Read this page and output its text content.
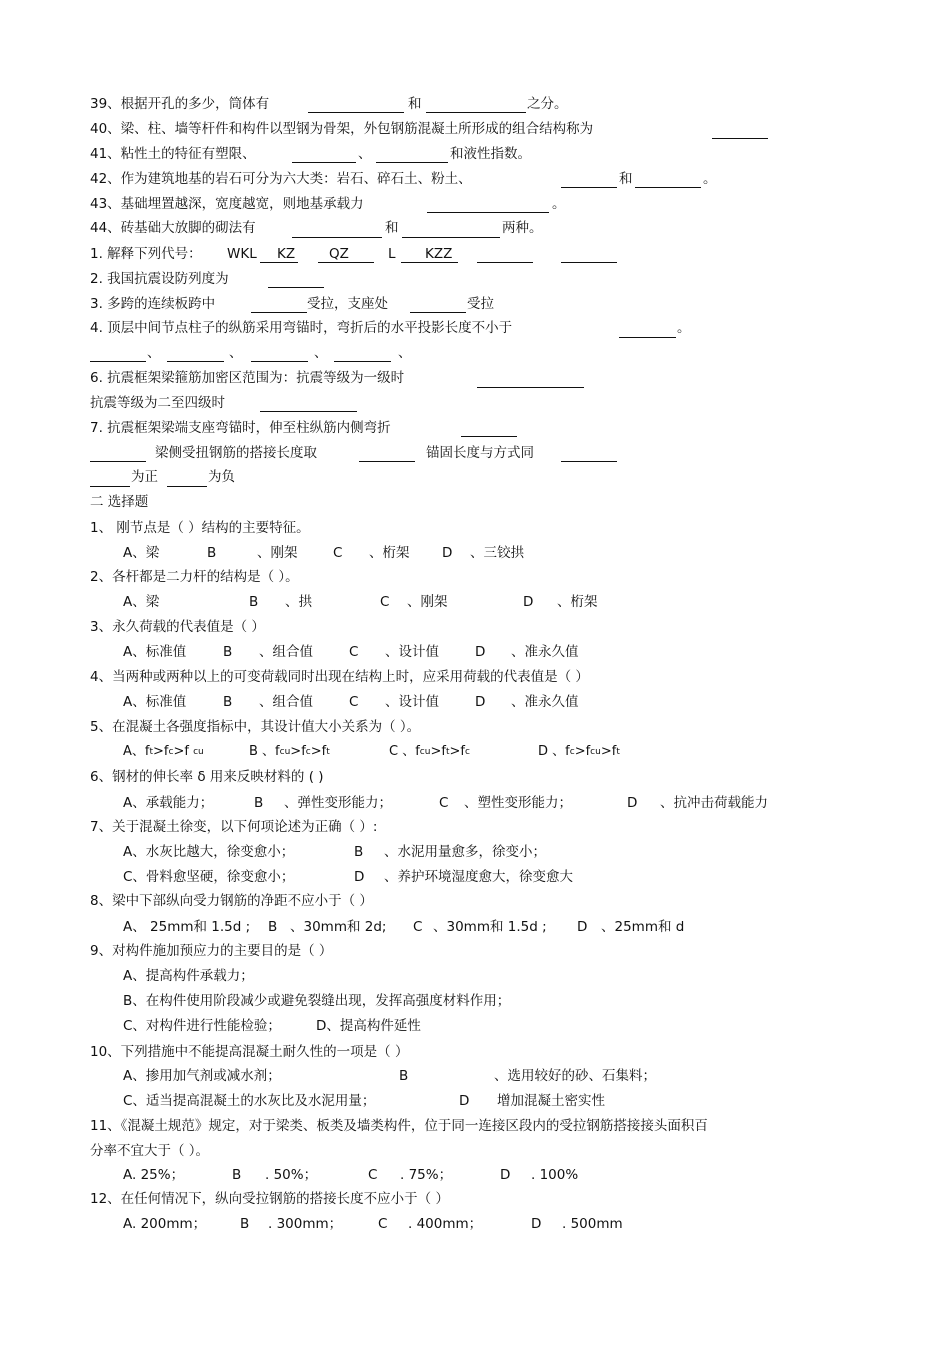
39、根据开孔的多少，筒体有	和	之分。
40、梁、柱、墙等杆件和构件以型钢为骨架，外包钢筋混凝土所形成的组合结构称为
41、粘性土的特征有塑限、	、	和液性指数。
42、作为建筑地基的岩石可分为六大类：岩石、碎石土、粉土、	和	。
43、基础埋置越深，宽度越宽，则地基承载力	。
44、砖基础大放脚的砌法有	和	两种。
1. 解释下列代号： WKL KZ	QZ	L KZZ
2. 我国抗震设防列度为
3. 多跨的连续板跨中	受拉，支座处	受拉
4. 顶层中间节点柱子的纵筋采用弯锚时，弯折后的水平投影长度不小于	。
、	、	、	、
6. 抗震框架梁箍筋加密区范围为：抗震等级为一级时
抗震等级为二至四级时
7. 抗震框架梁端支座弯锚时，伸至柱纵筋内侧弯折
梁侧受扭钢筋的搭接长度取	锚固长度与方式同
为正	为负
二 选择题
1、 刚节点是（ ）结构的主要特征。
A、梁	B	、刚架	C 、桁架 D 、三铰拱
2、各杆都是二力杆的结构是（ ）。
A、梁	B 、拱	C 、刚架	D 、桁架
3、永久荷载的代表值是（ ）
A、标准值	B 、组合值	C 、设计值	D 、准永久值
4、当两种或两种以上的可变荷载同时出现在结构上时，应采用荷载的代表值是（ ）
A、标准值	B 、组合值	C 、设计值	D 、准永久值
5、在混凝土各强度指标中，其设计值大小关系为（ ）。
A、ft>fc>f cu	B 、fcu>fc>ft	C 、fcu>ft>fc	D 、fc>fcu>ft
6、钢材的伸长率 δ 用来反映材料的 ( )
A、承载能力；	B 、弹性变形能力；	C 、塑性变形能力；	D 、抗冲击荷载能力
7、关于混凝土徐变，以下何项论述为正确（ ）:
A、水灰比越大，徐变愈小；	B 、水泥用量愈多，徐变小；
C、骨料愈坚硬，徐变愈小；	D 、养护环境湿度愈大，徐变愈大
8、梁中下部纵向受力钢筋的净距不应小于（ ）
A、 25mm和 1.5d ; B 、30mm和 2d; C 、30mm和 1.5d ; D 、25mm和 d
9、对构件施加预应力的主要目的是（ ）
A、提高构件承载力；
B、在构件使用阶段减少或避免裂缝出现，发挥高强度材料作用；
C、对构件进行性能检验；	D、提高构件延性
10、下列措施中不能提高混凝土耐久性的一项是（ ）
A、掺用加气剂或减水剂；	B	、选用较好的砂、石集料；
C、适当提高混凝土的水灰比及水泥用量；	D 增加混凝土密实性
11、《混凝土规范》规定，对于梁类、板类及墙类构件，位于同一连接区段内的受拉钢筋搭接接头面积百
分率不宜大于（ ）。
A. 25%；	B . 50%；	C . 75%；	D . 100%
12、在任何情况下，纵向受拉钢筋的搭接长度不应小于（ ）
A. 200mm；	B . 300mm；	C . 400mm；	D . 500mm
